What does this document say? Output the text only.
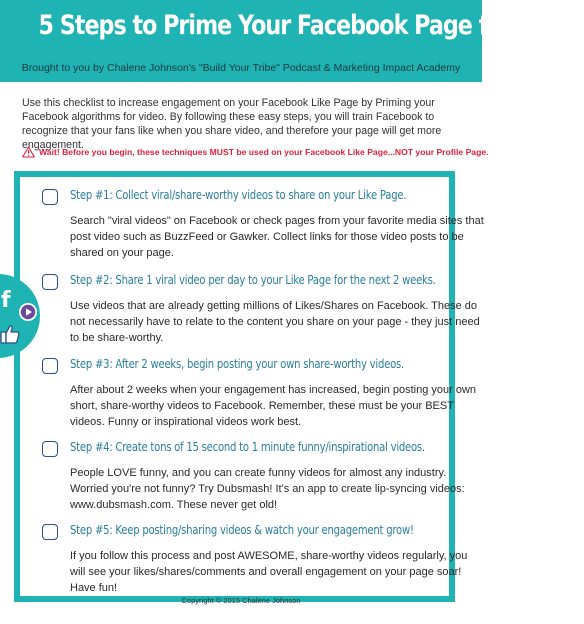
5 Steps to Prime Your Facebook Page for Video
Brought to you by Chalene Johnson's "Build Your Tribe" Podcast & Marketing Impact Academy
Use this checklist to increase engagement on your Facebook Like Page by Priming your Facebook algorithms for video. By following these easy steps, you will train Facebook to recognize that your fans like when you share video, and therefore your page will get more engagement.
Wait! Before you begin, these techniques MUST be used on your Facebook Like Page...NOT your Profile Page.
Step #1: Collect viral/share-worthy videos to share on your Like Page.
Search "viral videos" on Facebook or check pages from your favorite media sites that post video such as BuzzFeed or Gawker. Collect links for those video posts to be shared on your page.
Step #2: Share 1 viral video per day to your Like Page for the next 2 weeks.
Use videos that are already getting millions of Likes/Shares on Facebook. These do not necessarily have to relate to the content you share on your page - they just need to be share-worthy.
Step #3: After 2 weeks, begin posting your own share-worthy videos.
After about 2 weeks when your engagement has increased, begin posting your own short, share-worthy videos to Facebook. Remember, these must be your BEST videos. Funny or inspirational videos work best.
Step #4: Create tons of 15 second to 1 minute funny/inspirational videos.
People LOVE funny, and you can create funny videos for almost any industry. Worried you're not funny? Try Dubsmash! It's an app to create lip-syncing videos: www.dubsmash.com. These never get old!
Step #5: Keep posting/sharing videos & watch your engagement grow!
If you follow this process and post AWESOME, share-worthy videos regularly, you will see your likes/shares/comments and overall engagement on your page soar! Have fun!
Copyright © 2015 Chalene Johnson
f
